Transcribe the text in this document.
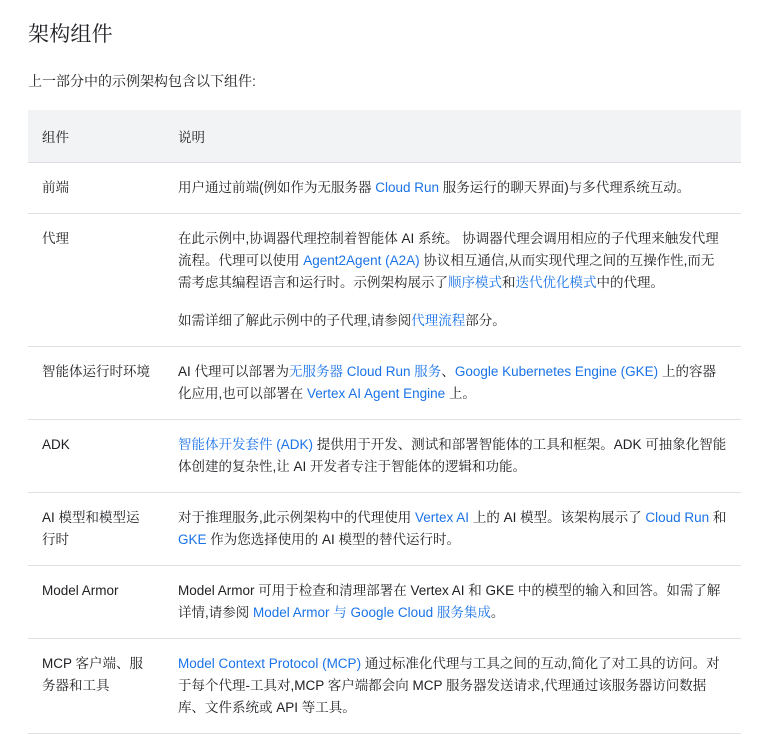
架构组件

上一部分中的示例架构包含以下组件:

组件	说明
前端	用户通过前端(例如作为无服务器 Cloud Run 服务运行的聊天界面)与多代理系统互动。

代理	在此示例中,协调器代理控制着智能体 AI 系统。 协调器代理会调用相应的子代理来触发代理流程。代理可以使用 Agent2Agent (A2A) 协议相互通信,从而实现代理之间的互操作性,而无需考虑其编程语言和运行时。示例架构展示了顺序模式和迭代优化模式中的代理。

如需详细了解此示例中的子代理,请参阅代理流程部分。

智能体运行时环境	AI 代理可以部署为无服务器 Cloud Run 服务、Google Kubernetes Engine (GKE) 上的容器化应用,也可以部署在 Vertex AI Agent Engine 上。

ADK	智能体开发套件 (ADK) 提供用于开发、测试和部署智能体的工具和框架。ADK 可抽象化智能体创建的复杂性,让 AI 开发者专注于智能体的逻辑和功能。

AI 模型和模型运行时	对于推理服务,此示例架构中的代理使用 Vertex AI 上的 AI 模型。该架构展示了 Cloud Run 和 GKE 作为您选择使用的 AI 模型的替代运行时。

Model Armor	Model Armor 可用于检查和清理部署在 Vertex AI 和 GKE 中的模型的输入和回答。如需了解详情,请参阅 Model Armor 与 Google Cloud 服务集成。

MCP 客户端、服务器和工具	Model Context Protocol (MCP) 通过标准化代理与工具之间的互动,简化了对工具的访问。对于每个代理-工具对,MCP 客户端都会向 MCP 服务器发送请求,代理通过该服务器访问数据库、文件系统或 API 等工具。
